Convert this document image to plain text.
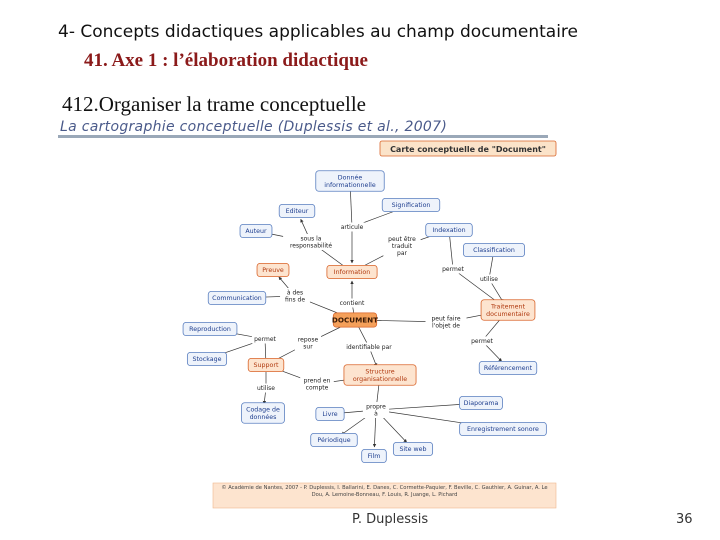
4- Concepts didactiques applicables au champ documentaire
41. Axe 1 : l’élaboration didactique
412.Organiser la trame conceptuelle
La cartographie conceptuelle (Duplessis et al., 2007)
articule
sous la responsabilité
peut être traduit par
permet
utilise
à des fins de
contient
peut faire l'objet de
permet
repose sur	identifiable par
permet
prend en compte
utilise
propre à
Donnée informationnelle
Editeur
Signification
Auteur	Indexation
Classification
Preuve	Information
Communication
Traitement documentaire
DOCUMENT
Reproduction
Stockage
Support
Structure organisationnelle
Référencement
Codage de données	Livre
Diaporama
Périodique
Enregistrement sonore
Film
Site web
Carte conceptuelle de "Document"
© Académie de Nantes, 2007 - P. Duplessis, I. Ballarini, E. Danes, C. Cormette-Paquier, F. Beville, C. Gauthier, A. Guinar, A. Le Dou, A. Lemoine-Bonneau, F. Louis, R. Juange, L. Pichard
P. Duplessis	36
